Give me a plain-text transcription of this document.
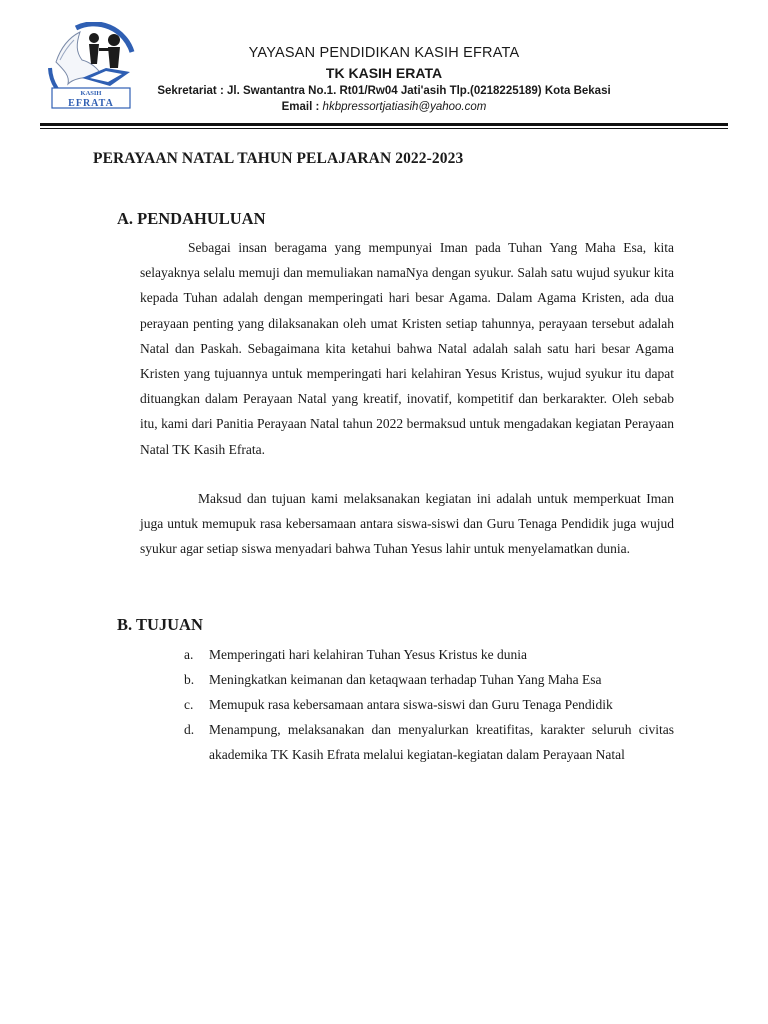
KASIH
EFRATA
YAYASAN PENDIDIKAN KASIH EFRATA
TK KASIH ERATA
Sekretariat : Jl. Swantantra No.1. Rt01/Rw04 Jati'asih Tlp.(0218225189) Kota Bekasi
Email : hkbpressortjatiasih@yahoo.com
PERAYAAN NATAL TAHUN PELAJARAN 2022-2023
A. PENDAHULUAN
Sebagai insan beragama yang mempunyai Iman pada Tuhan Yang Maha Esa, kita selayaknya selalu memuji dan memuliakan namaNya dengan syukur. Salah satu wujud syukur kita kepada Tuhan adalah dengan memperingati hari besar Agama. Dalam Agama Kristen, ada dua perayaan penting yang dilaksanakan oleh umat Kristen setiap tahunnya, perayaan tersebut adalah Natal dan Paskah. Sebagaimana kita ketahui bahwa Natal adalah salah satu hari besar Agama Kristen yang tujuannya untuk memperingati hari kelahiran Yesus Kristus, wujud syukur itu dapat dituangkan dalam Perayaan Natal yang kreatif, inovatif, kompetitif dan berkarakter. Oleh sebab itu, kami dari Panitia Perayaan Natal tahun 2022 bermaksud untuk mengadakan kegiatan Perayaan Natal TK Kasih Efrata.
Maksud dan tujuan kami melaksanakan kegiatan ini adalah untuk memperkuat Iman juga untuk memupuk rasa kebersamaan antara siswa-siswi dan Guru Tenaga Pendidik juga wujud syukur agar setiap siswa menyadari bahwa Tuhan Yesus lahir untuk menyelamatkan dunia.
B. TUJUAN
a.	Memperingati hari kelahiran Tuhan Yesus Kristus ke dunia
b.	Meningkatkan keimanan dan ketaqwaan terhadap Tuhan Yang Maha Esa
c.	Memupuk rasa kebersamaan antara siswa-siswi dan Guru Tenaga Pendidik
d.	Menampung, melaksanakan dan menyalurkan kreatifitas, karakter seluruh civitas akademika TK Kasih Efrata melalui kegiatan-kegiatan dalam Perayaan Natal
